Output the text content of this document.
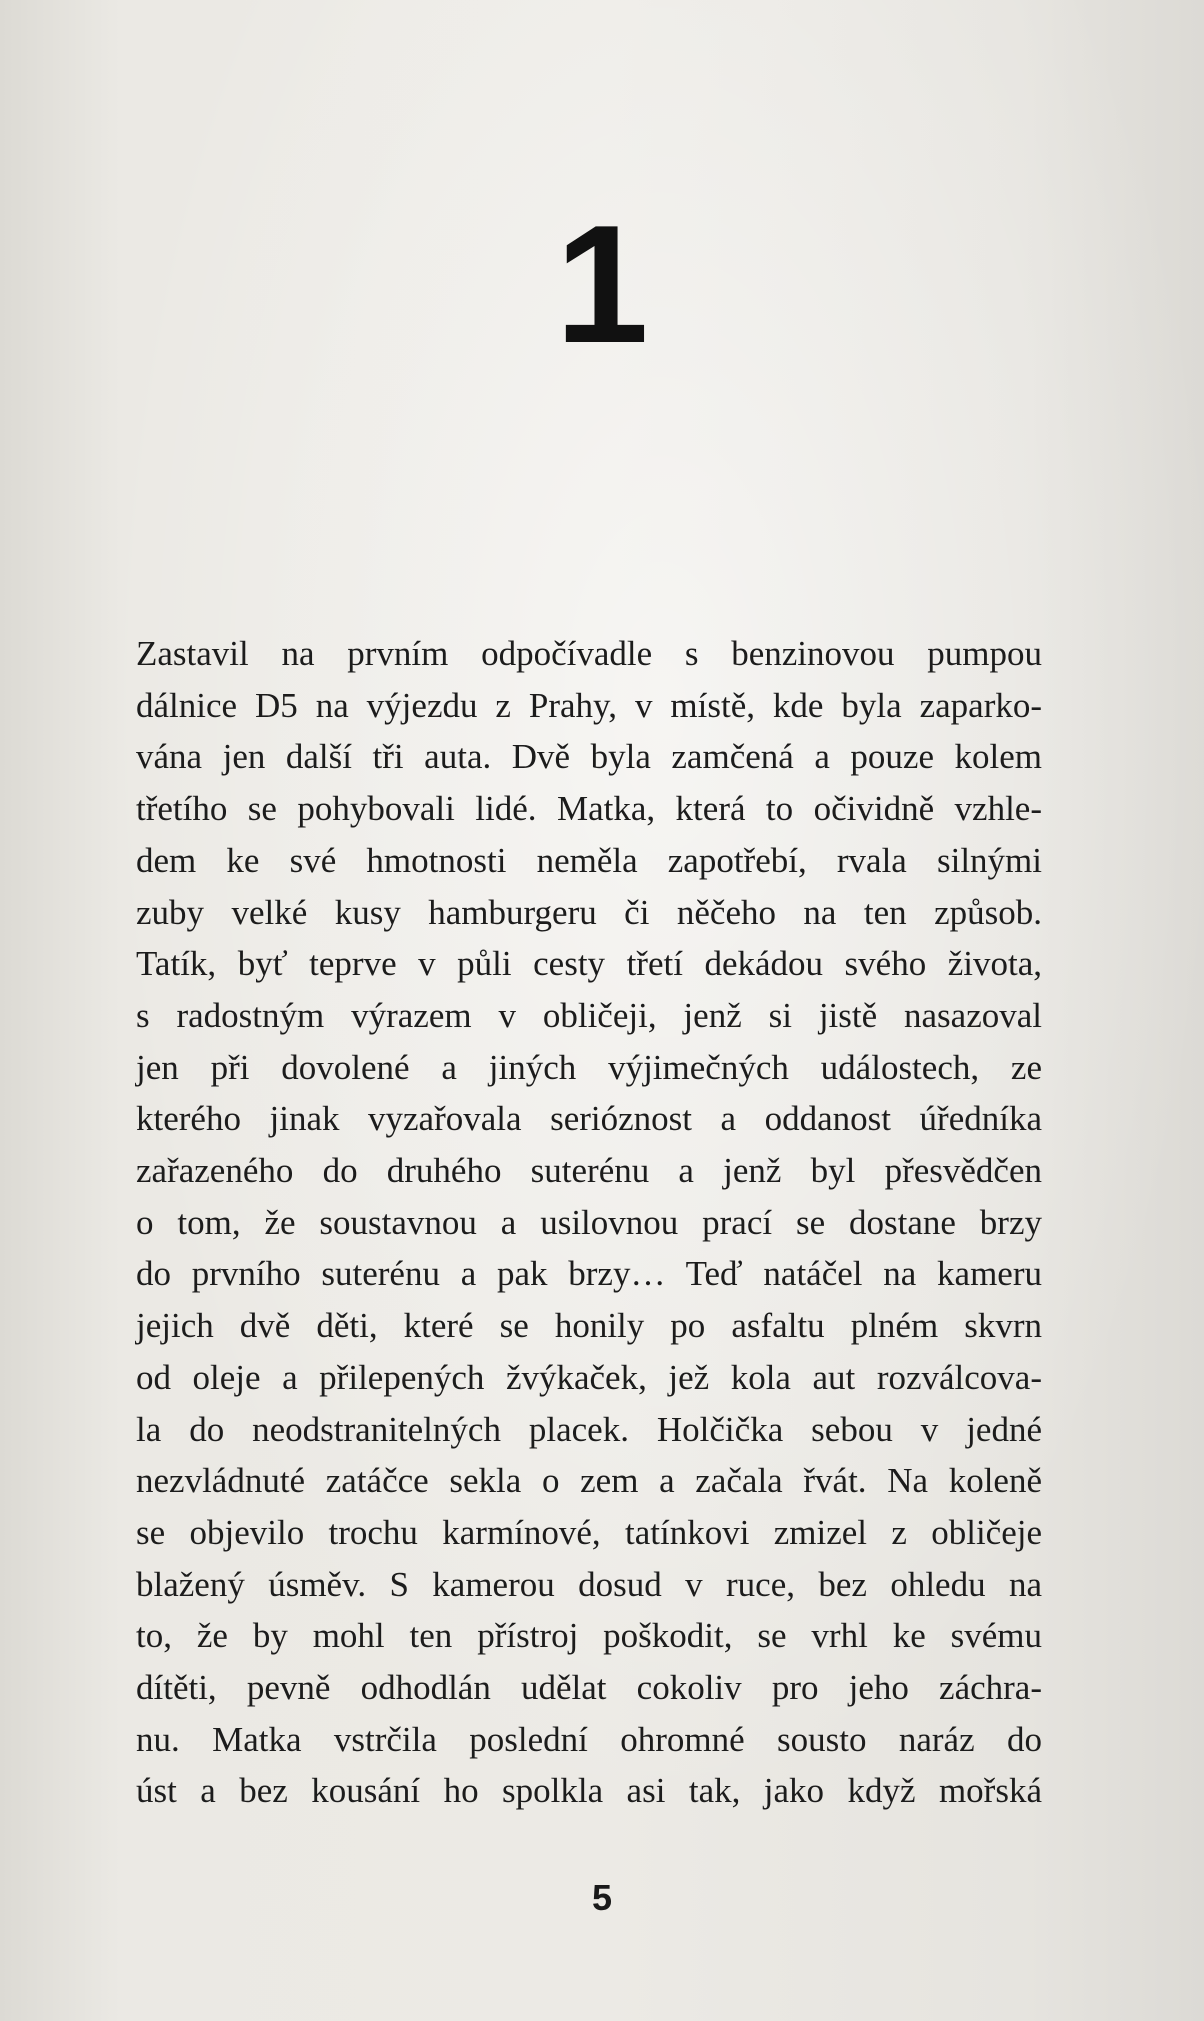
1

Zastavil na prvním odpočívadle s benzinovou pumpou
dálnice D5 na výjezdu z Prahy, v místě, kde byla zaparko-
vána jen další tři auta. Dvě byla zamčená a pouze kolem
třetího se pohybovali lidé. Matka, která to očividně vzhle-
dem ke své hmotnosti neměla zapotřebí, rvala silnými
zuby velké kusy hamburgeru či něčeho na ten způsob.
Tatík, byť teprve v půli cesty třetí dekádou svého života,
s radostným výrazem v obličeji, jenž si jistě nasazoval
jen při dovolené a jiných výjimečných událostech, ze
kterého jinak vyzařovala serióznost a oddanost úředníka
zařazeného do druhého suterénu a jenž byl přesvědčen
o tom, že soustavnou a usilovnou prací se dostane brzy
do prvního suterénu a pak brzy… Teď natáčel na kameru
jejich dvě děti, které se honily po asfaltu plném skvrn
od oleje a přilepených žvýkaček, jež kola aut rozválcova-
la do neodstranitelných placek. Holčička sebou v jedné
nezvládnuté zatáčce sekla o zem a začala řvát. Na koleně
se objevilo trochu karmínové, tatínkovi zmizel z obličeje
blažený úsměv. S kamerou dosud v ruce, bez ohledu na
to, že by mohl ten přístroj poškodit, se vrhl ke svému
dítěti, pevně odhodlán udělat cokoliv pro jeho záchra-
nu. Matka vstrčila poslední ohromné sousto naráz do
úst a bez kousání ho spolkla asi tak, jako když mořská

5
